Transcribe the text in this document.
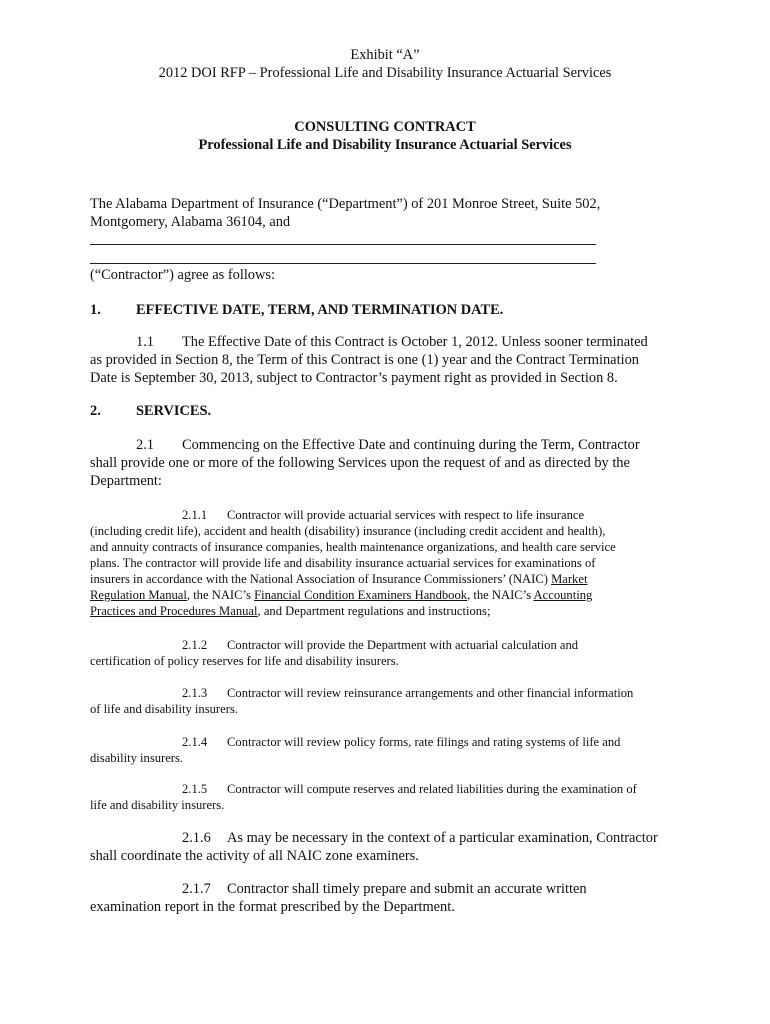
Exhibit “A”
2012 DOI RFP – Professional Life and Disability Insurance Actuarial Services
CONSULTING CONTRACT
Professional Life and Disability Insurance Actuarial Services
The Alabama Department of Insurance (“Department”) of 201 Monroe Street, Suite 502,
Montgomery, Alabama 36104, and
(“Contractor”) agree as follows:
1. EFFECTIVE DATE, TERM, AND TERMINATION DATE.
1.1 The Effective Date of this Contract is October 1, 2012. Unless sooner terminated
as provided in Section 8, the Term of this Contract is one (1) year and the Contract Termination
Date is September 30, 2013, subject to Contractor’s payment right as provided in Section 8.
2. SERVICES.
2.1 Commencing on the Effective Date and continuing during the Term, Contractor
shall provide one or more of the following Services upon the request of and as directed by the
Department:
2.1.1 Contractor will provide actuarial services with respect to life insurance
(including credit life), accident and health (disability) insurance (including credit accident and health),
and annuity contracts of insurance companies, health maintenance organizations, and health care service
plans. The contractor will provide life and disability insurance actuarial services for examinations of
insurers in accordance with the National Association of Insurance Commissioners’ (NAIC) Market
Regulation Manual, the NAIC’s Financial Condition Examiners Handbook, the NAIC’s Accounting
Practices and Procedures Manual, and Department regulations and instructions;
2.1.2 Contractor will provide the Department with actuarial calculation and
certification of policy reserves for life and disability insurers.
2.1.3 Contractor will review reinsurance arrangements and other financial information
of life and disability insurers.
2.1.4 Contractor will review policy forms, rate filings and rating systems of life and
disability insurers.
2.1.5 Contractor will compute reserves and related liabilities during the examination of
life and disability insurers.
2.1.6 As may be necessary in the context of a particular examination, Contractor
shall coordinate the activity of all NAIC zone examiners.
2.1.7 Contractor shall timely prepare and submit an accurate written
examination report in the format prescribed by the Department.
